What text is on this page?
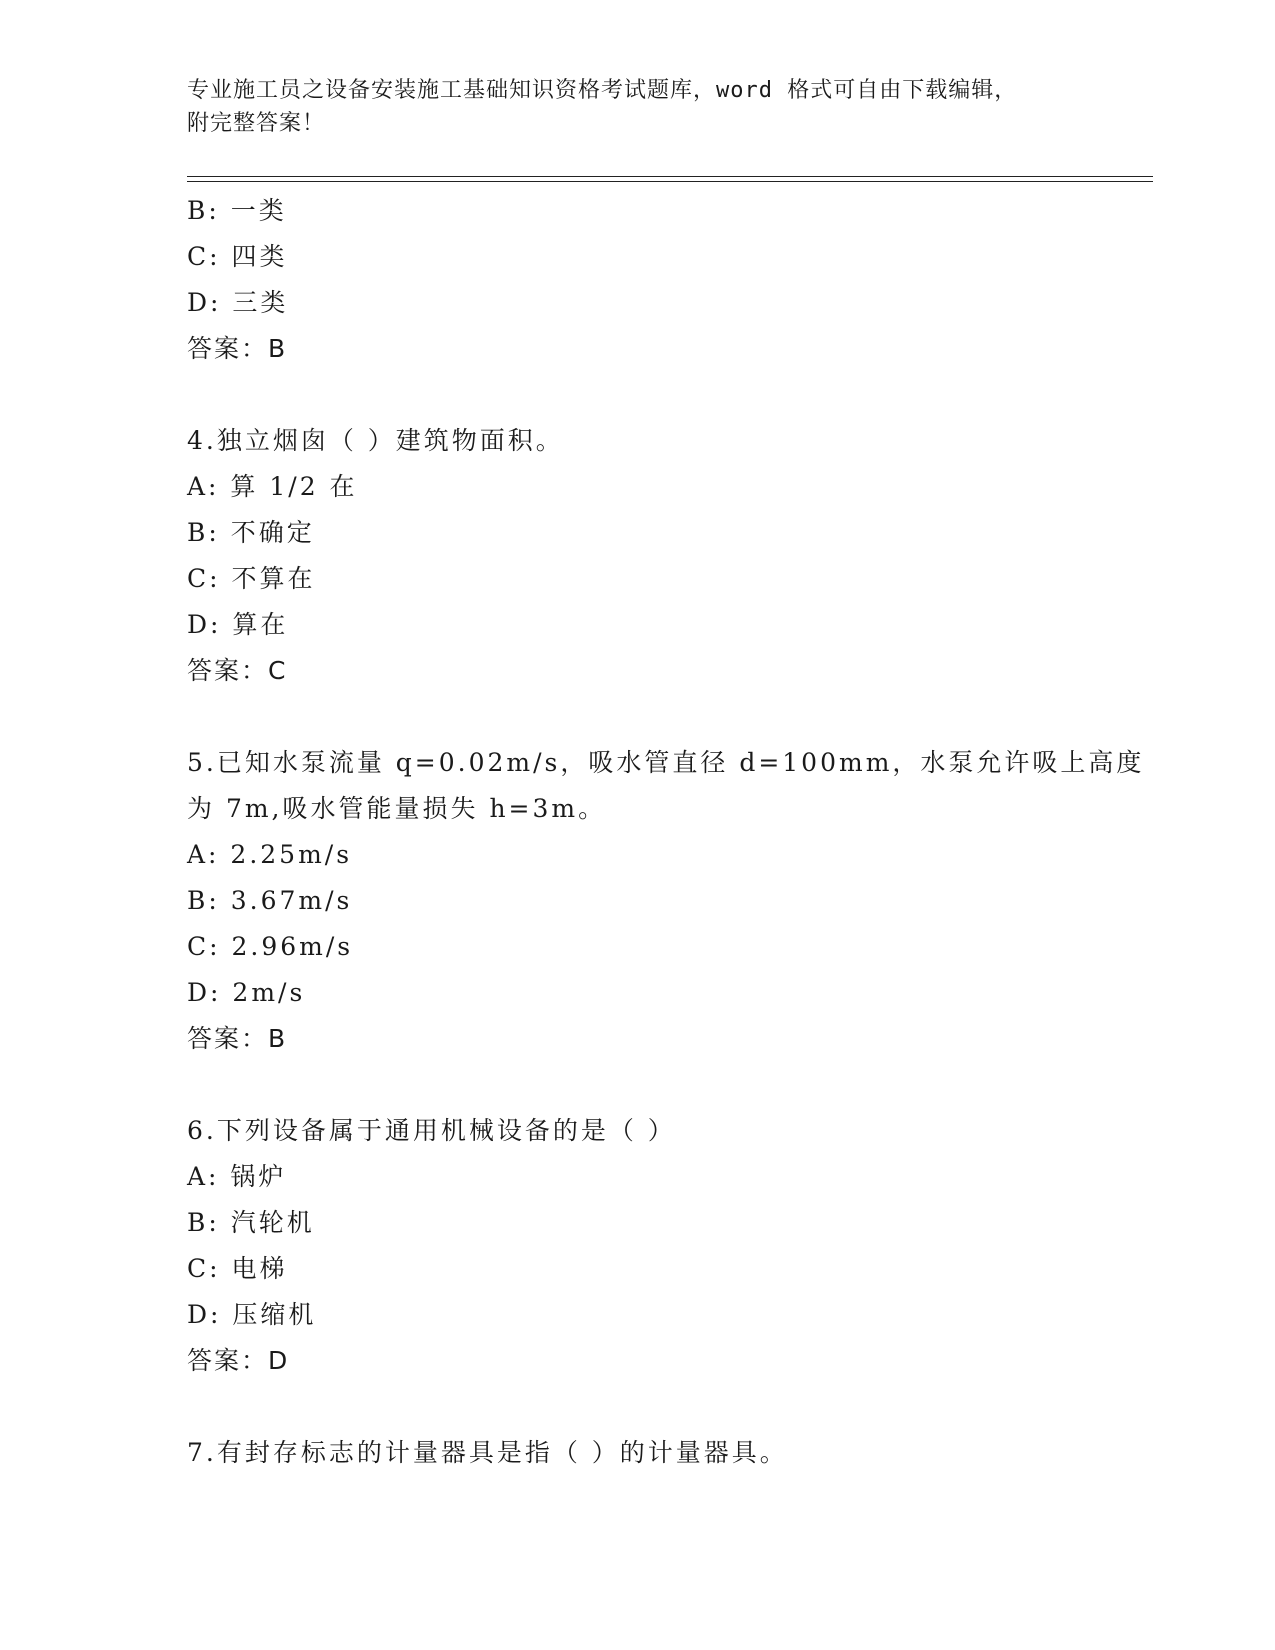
专业施工员之设备安装施工基础知识资格考试题库，word 格式可自由下载编辑，
附完整答案！
B: 一类
C: 四类
D: 三类
答案：B
4.独立烟囱（ ）建筑物面积。
A: 算 1/2 在
B: 不确定
C: 不算在
D: 算在
答案：C
5.已知水泵流量 q=0.02m/s，吸水管直径 d=100mm，水泵允许吸上高度
为 7m,吸水管能量损失 h=3m。
A: 2.25m/s
B: 3.67m/s
C: 2.96m/s
D: 2m/s
答案：B
6.下列设备属于通用机械设备的是（ ）
A: 锅炉
B: 汽轮机
C: 电梯
D: 压缩机
答案：D
7.有封存标志的计量器具是指（ ）的计量器具。
